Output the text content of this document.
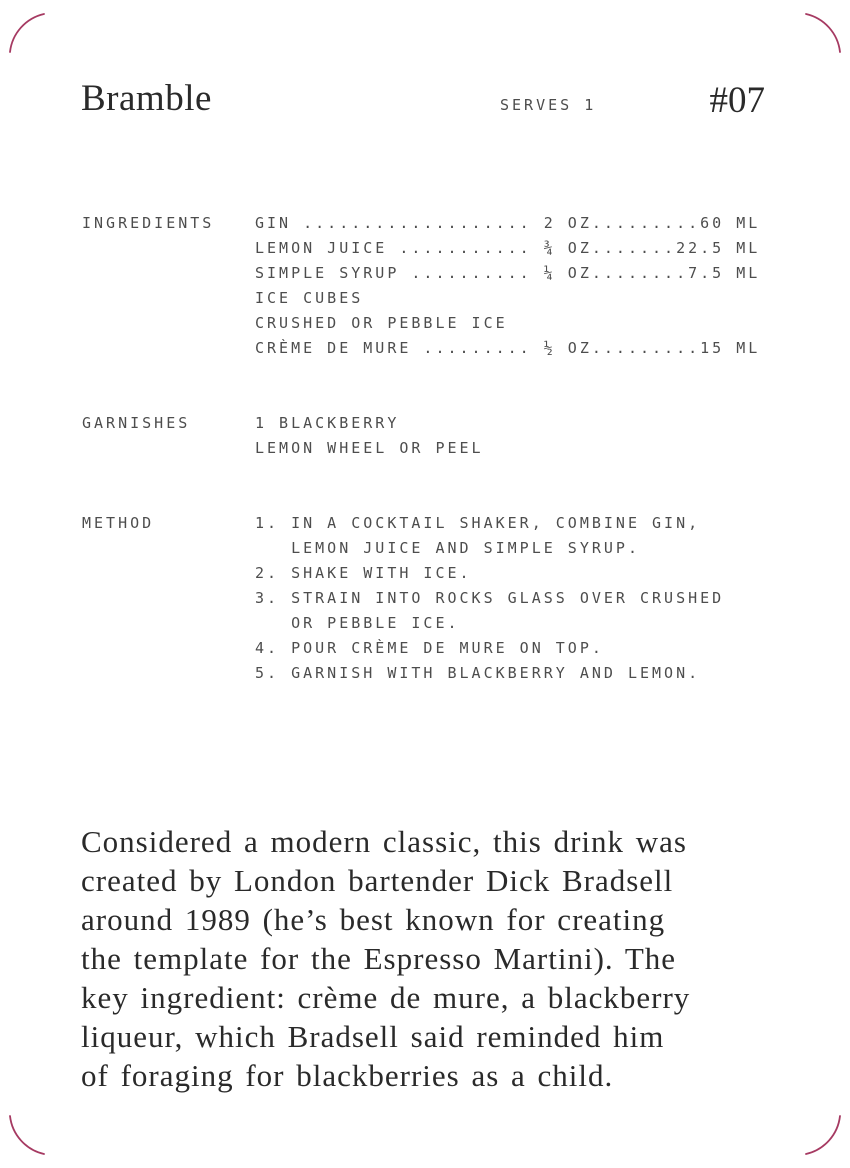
Bramble	SERVES 1	#07
INGREDIENTS	GIN ................... 2 OZ.........60 ML
LEMON JUICE ........... ¾ OZ.......22.5 ML
SIMPLE SYRUP .......... ¼ OZ........7.5 ML
ICE CUBES
CRUSHED OR PEBBLE ICE
CRÈME DE MURE ......... ½ OZ.........15 ML
GARNISHES	1 BLACKBERRY
LEMON WHEEL OR PEEL
METHOD	1. IN A COCKTAIL SHAKER, COMBINE GIN,
LEMON JUICE AND SIMPLE SYRUP.
2. SHAKE WITH ICE.
3. STRAIN INTO ROCKS GLASS OVER CRUSHED
OR PEBBLE ICE.
4. POUR CRÈME DE MURE ON TOP.
5. GARNISH WITH BLACKBERRY AND LEMON.
Considered a modern classic, this drink was
created by London bartender Dick Bradsell
around 1989 (he’s best known for creating
the template for the Espresso Martini). The
key ingredient: crème de mure, a blackberry
liqueur, which Bradsell said reminded him
of foraging for blackberries as a child.
